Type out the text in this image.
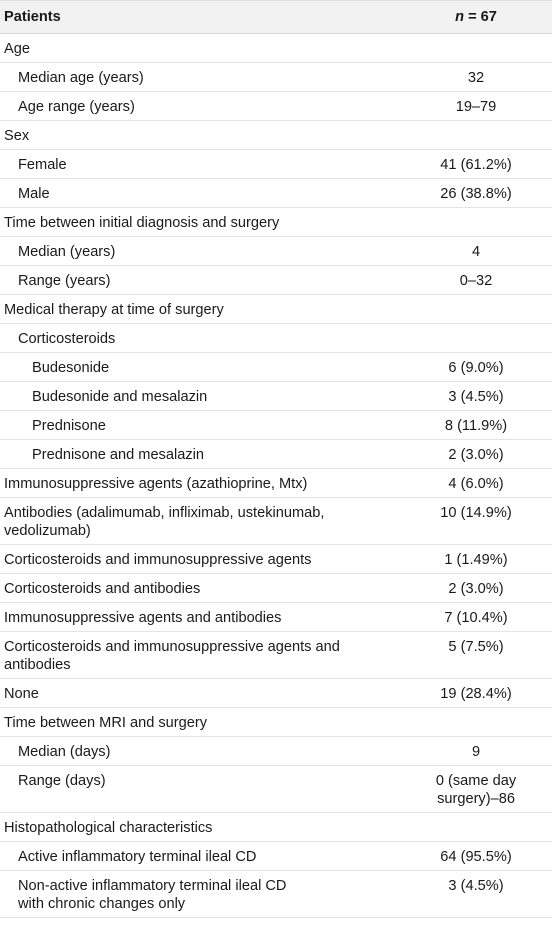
Patients	n = 67
Age	
Median age (years)	32
Age range (years)	19–79
Sex	
Female	41 (61.2%)
Male	26 (38.8%)
Time between initial diagnosis and surgery	
Median (years)	4
Range (years)	0–32
Medical therapy at time of surgery	
Corticosteroids	
Budesonide	6 (9.0%)
Budesonide and mesalazin	3 (4.5%)
Prednisone	8 (11.9%)
Prednisone and mesalazin	2 (3.0%)
Immunosuppressive agents (azathioprine, Mtx)	4 (6.0%)
Antibodies (adalimumab, infliximab, ustekinumab, vedolizumab)	10 (14.9%)
Corticosteroids and immunosuppressive agents	1 (1.49%)
Corticosteroids and antibodies	2 (3.0%)
Immunosuppressive agents and antibodies	7 (10.4%)
Corticosteroids and immunosuppressive agents and antibodies	5 (7.5%)
None	19 (28.4%)
Time between MRI and surgery	
Median (days)	9
Range (days)	0 (same day surgery)–86
Histopathological characteristics	
Active inflammatory terminal ileal CD	64 (95.5%)
Non-active inflammatory terminal ileal CD with chronic changes only	3 (4.5%)
